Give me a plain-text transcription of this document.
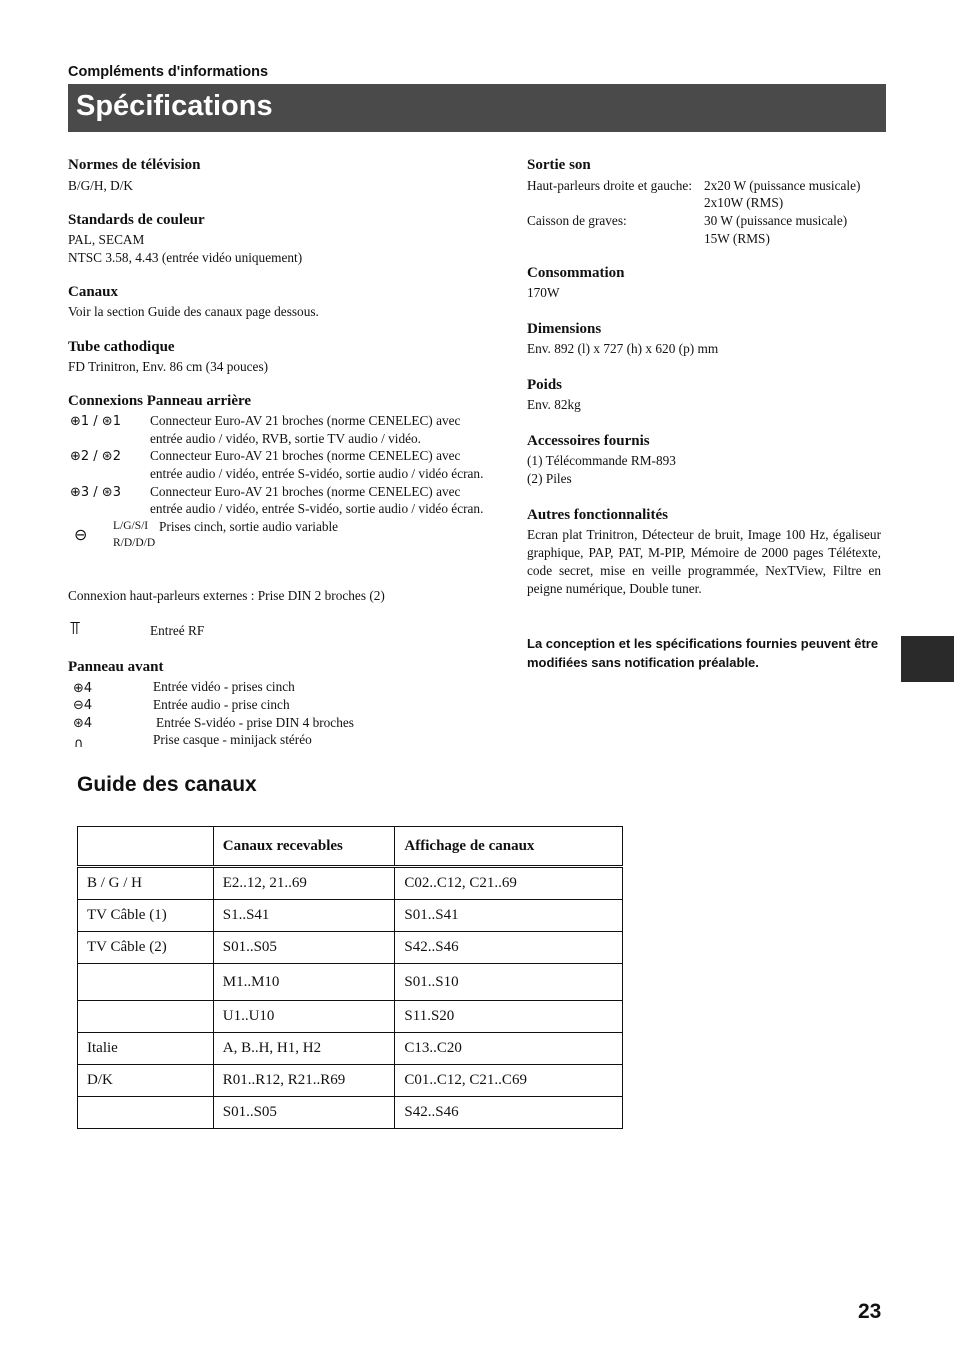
Compléments d'informations
Spécifications
Normes de télévision
B/G/H, D/K
Standards de couleur
PAL, SECAM
NTSC 3.58, 4.43 (entrée vidéo uniquement)
Canaux
Voir la section Guide des canaux page dessous.
Tube cathodique
FD Trinitron, Env. 86 cm (34 pouces)
Connexions Panneau arrière
⊕1 / ⊛1 Connecteur Euro-AV 21 broches (norme CENELEC) avec
entrée audio / vidéo, RVB, sortie TV audio / vidéo.
⊕2 / ⊛2 Connecteur Euro-AV 21 broches (norme CENELEC) avec
entrée audio / vidéo, entrée S-vidéo, sortie audio / vidéo écran.
⊕3 / ⊛3 Connecteur Euro-AV 21 broches (norme CENELEC) avec
entrée audio / vidéo, entrée S-vidéo, sortie audio / vidéo écran.
⊖ L/G/S/I Prises cinch, sortie audio variable
R/D/D/D
Connexion haut-parleurs externes : Prise DIN 2 broches (2)
⫪	Entreé RF
Panneau avant
⊕4	Entrée vidéo - prises cinch
⊖4	Entrée audio - prise cinch
⊛4	Entrée S-vidéo - prise DIN 4 broches
∩	Prise casque - minijack stéréo
Sortie son
Haut-parleurs droite et gauche: 2x20 W (puissance musicale)
2x10W (RMS)
Caisson de graves:	30 W (puissance musicale)
15W (RMS)
Consommation
170W
Dimensions
Env. 892 (l) x 727 (h) x 620 (p) mm
Poids
Env. 82kg
Accessoires fournis
(1) Télécommande RM-893
(2) Piles
Autres fonctionnalités
Ecran plat Trinitron, Détecteur de bruit, Image 100 Hz, égaliseur graphique, PAP, PAT, M-PIP, Mémoire de 2000 pages Télétexte, code secret, mise en veille programmée, NexTView, Filtre en peigne numérique, Double tuner.
La conception et les spécifications fournies peuvent être modifiées sans notification préalable.
Guide des canaux
	Canaux recevables	Affichage de canaux
B / G / H	E2..12, 21..69	C02..C12, C21..69
TV Câble (1)	S1..S41	S01..S41
TV Câble (2)	S01..S05	S42..S46
	M1..M10	S01..S10
	U1..U10	S11.S20
Italie	A, B..H, H1, H2	C13..C20
D/K	R01..R12, R21..R69	C01..C12, C21..C69
	S01..S05	S42..S46
23
